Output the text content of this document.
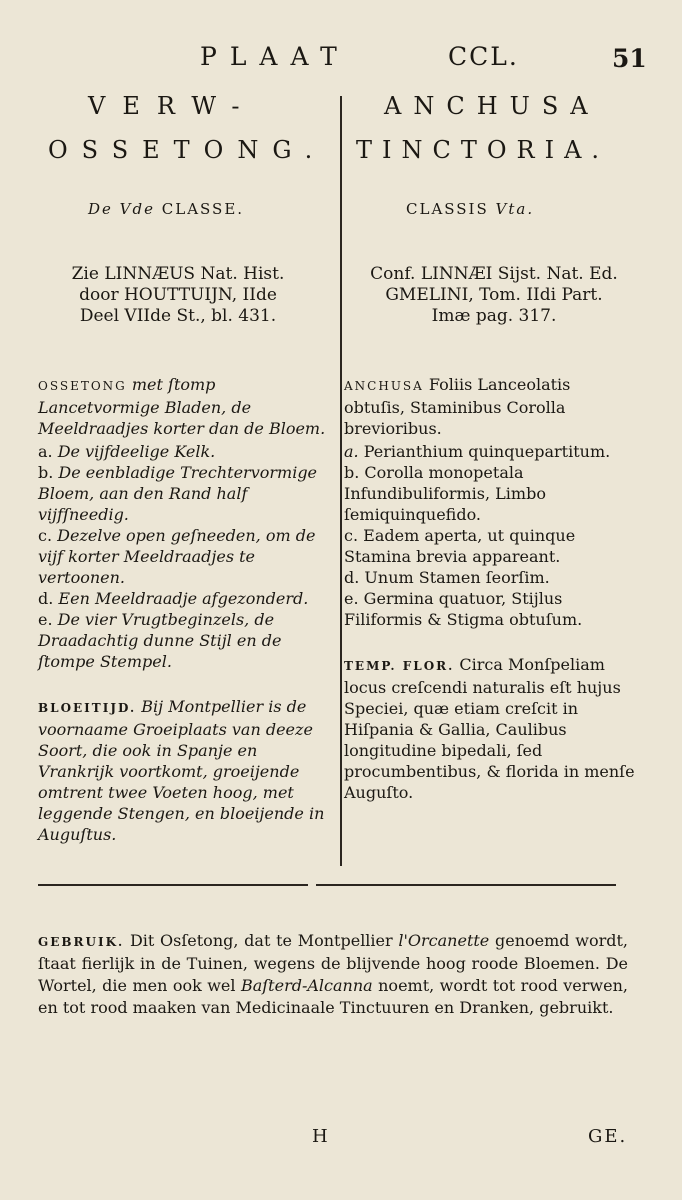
PLAAT	CCL.	51
VERW-
OSSETONG.
ANCHUSA
TINCTORIA.
De Vde CLASSE.	CLASSIS Vta.
Zie LINNÆUS Nat. Hist.
door HOUTTUIJN, IIde
Deel VIIde St., bl. 431.
Conf. LINNÆI Sijst. Nat. Ed.
GMELINI, Tom. IIdi Part.
Imæ pag. 317.

OSSETONG met ſtomp Lancetvormige Bladen, de Meeldraadjes korter dan de Bloem.

a. De vijfdeelige Kelk.

b. De eenbladige Trechtervormige Bloem, aan den Rand half vijfſneedig.

c. Dezelve open geſneeden, om de vijf korter Meeldraadjes te vertoonen.

d. Een Meeldraadje afgezonderd.

e. De vier Vrugtbeginzels, de Draadachtig dunne Stijl en de ſtompe Stempel.

BLOEITIJD. Bij Montpellier is de voornaame Groeiplaats van deeze Soort, die ook in Spanje en Vrankrijk voortkomt, groeijende omtrent twee Voeten hoog, met leggende Stengen, en bloeijende in Auguſtus.

ANCHUSA Foliis Lanceolatis obtuſis, Staminibus Corolla brevioribus.

a. Perianthium quinquepartitum.

b. Corolla monopetala Infundibuliformis, Limbo ſemiquinquefido.

c. Eadem aperta, ut quinque Stamina brevia appareant.

d. Unum Stamen ſeorſim.

e. Germina quatuor, Stijlus Filiformis & Stigma obtuſum.

TEMP. FLOR. Circa Monſpeliam locus creſcendi naturalis eſt hujus Speciei, quæ etiam creſcit in Hiſpania & Gallia, Caulibus longitudine bipedali, ſed procumbentibus, & florida in menſe Auguſto.

GEBRUIK. Dit Osſetong, dat te Montpellier l'Orcanette genoemd wordt, ſtaat fierlijk in de Tuinen, wegens de blijvende hoog roode Bloemen. De Wortel, die men ook wel Baſterd-Alcanna noemt, wordt tot rood verwen, en tot rood maaken van Medicinaale Tinctuuren en Dranken, gebruikt.
H	GE.
